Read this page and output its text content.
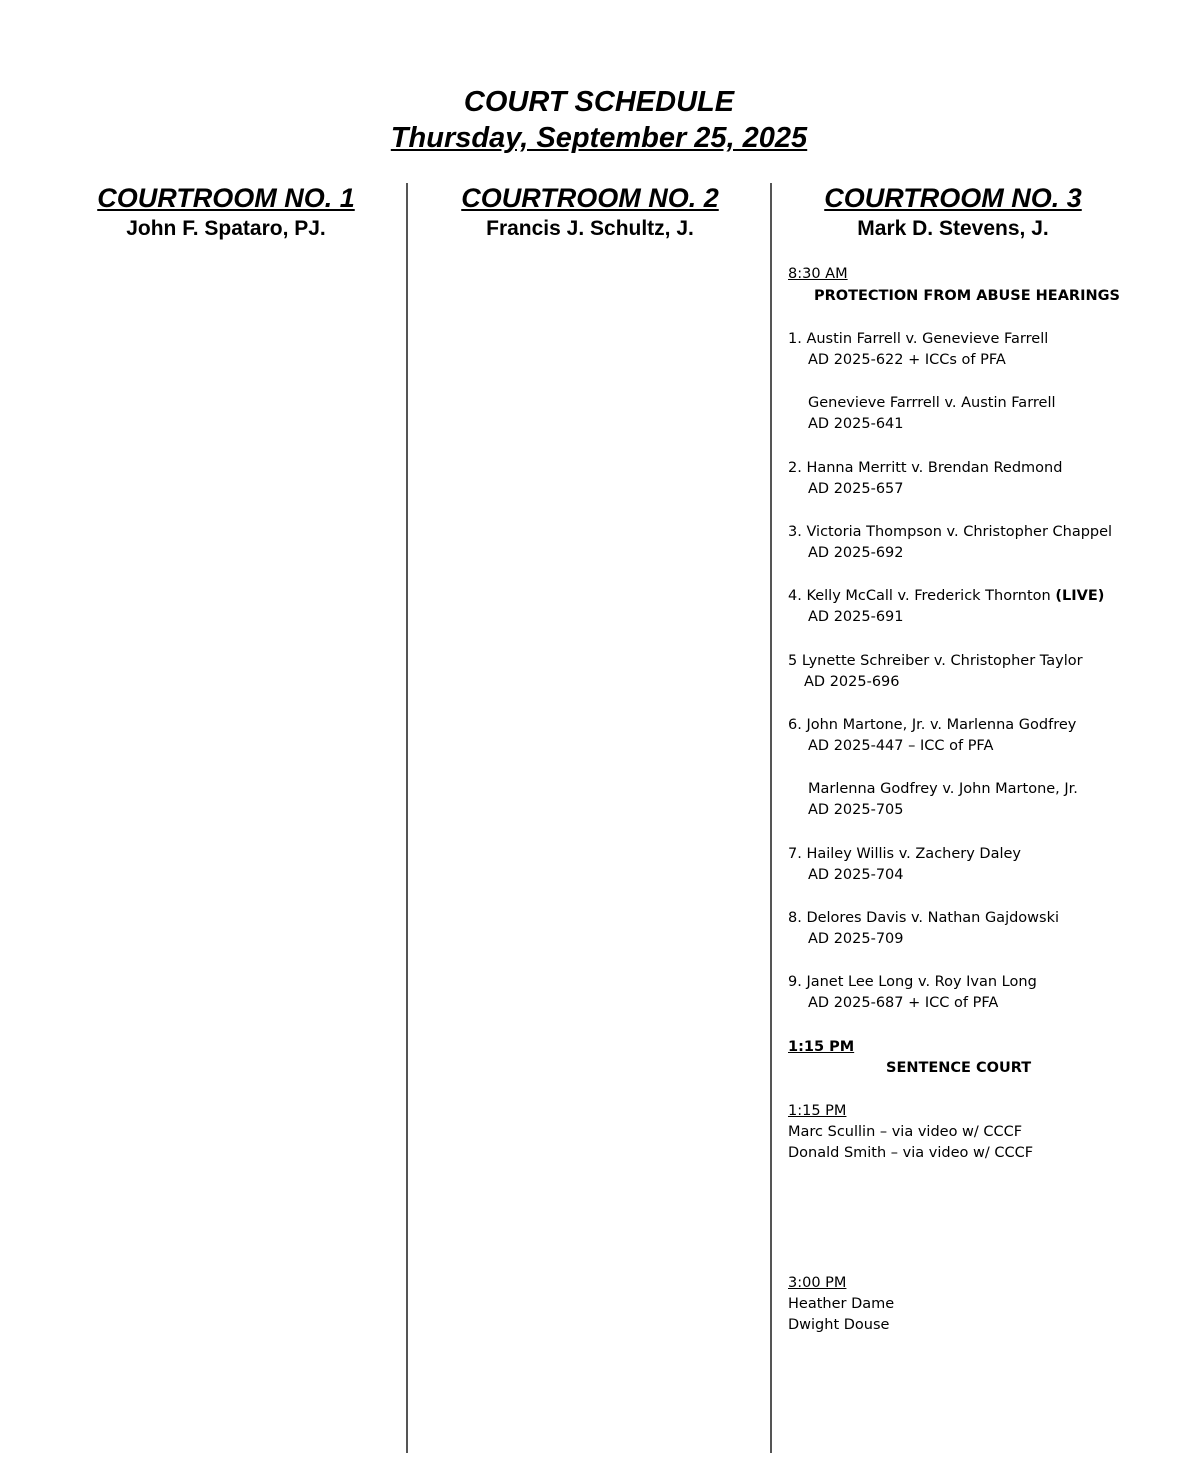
COURT SCHEDULE
Thursday, September 25, 2025
COURTROOM NO. 1
John F. Spataro, PJ.
COURTROOM NO. 2
Francis J. Schultz, J.
COURTROOM NO. 3
Mark D. Stevens, J.
8:30 AM
PROTECTION FROM ABUSE HEARINGS
1. Austin Farrell v. Genevieve Farrell
AD 2025-622 + ICCs of PFA
Genevieve Farrrell v. Austin Farrell
AD 2025-641
2. Hanna Merritt v. Brendan Redmond
AD 2025-657
3. Victoria Thompson v. Christopher Chappel
AD 2025-692
4. Kelly McCall v. Frederick Thornton (LIVE)
AD 2025-691
5 Lynette Schreiber v. Christopher Taylor
AD 2025-696
6. John Martone, Jr. v. Marlenna Godfrey
AD 2025-447 – ICC of PFA
Marlenna Godfrey v. John Martone, Jr.
AD 2025-705
7. Hailey Willis v. Zachery Daley
AD 2025-704
8. Delores Davis v. Nathan Gajdowski
AD 2025-709
9. Janet Lee Long v. Roy Ivan Long
AD 2025-687 + ICC of PFA
1:15 PM
SENTENCE COURT
1:15 PM
Marc Scullin – via video w/ CCCF
Donald Smith – via video w/ CCCF
3:00 PM
Heather Dame
Dwight Douse
